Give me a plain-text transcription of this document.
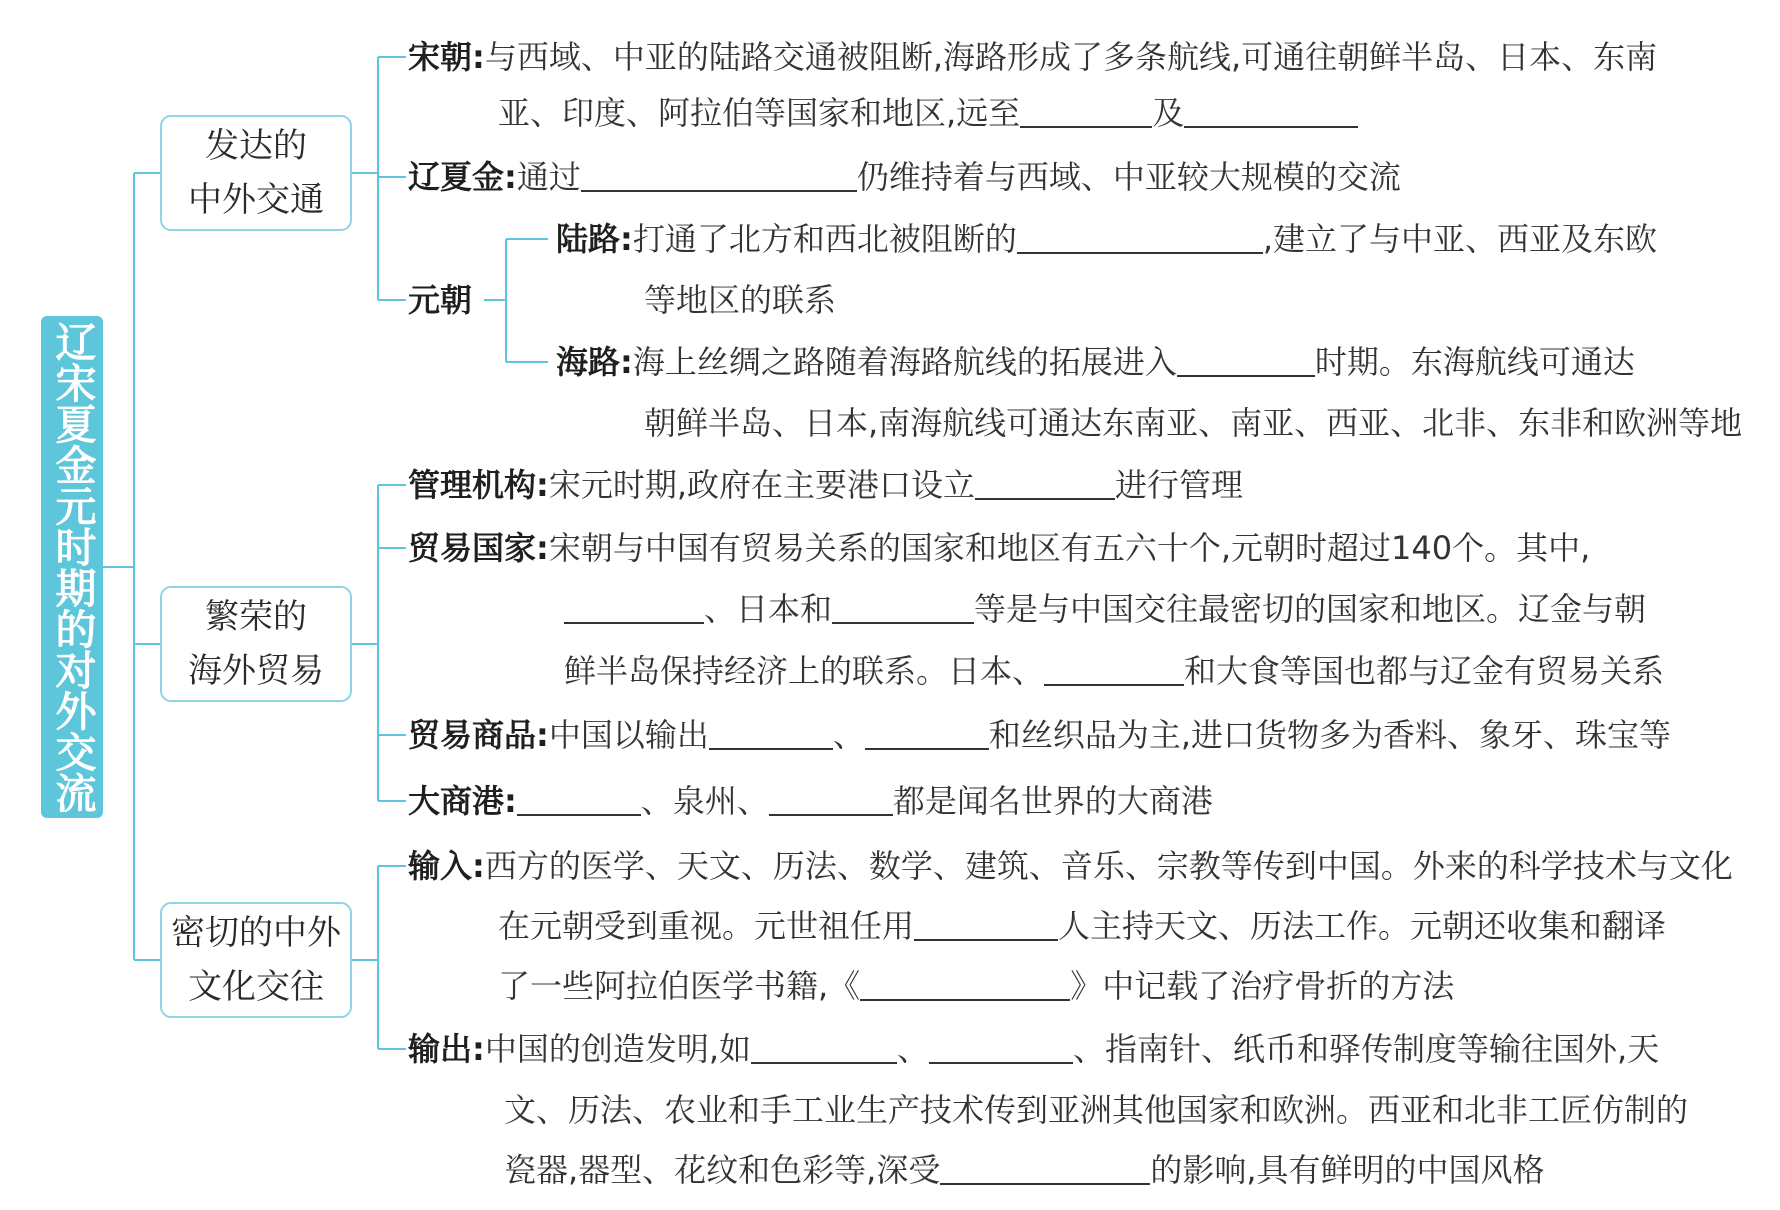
辽宋夏金元时期的对外交流
发达的
中外交通
繁荣的
海外贸易
密切的中外
文化交往
宋朝:与西域、中亚的陆路交通被阻断,海路形成了多条航线,可通往朝鲜半岛、日本、东南
亚、印度、阿拉伯等国家和地区,远至	及
辽夏金:通过	仍维持着与西域、中亚较大规模的交流
元朝
陆路:打通了北方和西北被阻断的	,建立了与中亚、西亚及东欧
等地区的联系
海路:海上丝绸之路随着海路航线的拓展进入	时期。东海航线可通达
朝鲜半岛、日本,南海航线可通达东南亚、南亚、西亚、北非、东非和欧洲等地
管理机构:宋元时期,政府在主要港口设立	进行管理
贸易国家:宋朝与中国有贸易关系的国家和地区有五六十个,元朝时超过140个。其中,
、日本和	等是与中国交往最密切的国家和地区。辽金与朝
鲜半岛保持经济上的联系。日本、	和大食等国也都与辽金有贸易关系
贸易商品:中国以输出	、	和丝织品为主,进口货物多为香料、象牙、珠宝等
大商港:	、泉州、	都是闻名世界的大商港
输入:西方的医学、天文、历法、数学、建筑、音乐、宗教等传到中国。外来的科学技术与文化
在元朝受到重视。元世祖任用	人主持天文、历法工作。元朝还收集和翻译
了一些阿拉伯医学书籍,《	》中记载了治疗骨折的方法
输出:中国的创造发明,如	、	、指南针、纸币和驿传制度等输往国外,天
文、历法、农业和手工业生产技术传到亚洲其他国家和欧洲。西亚和北非工匠仿制的
瓷器,器型、花纹和色彩等,深受	的影响,具有鲜明的中国风格
